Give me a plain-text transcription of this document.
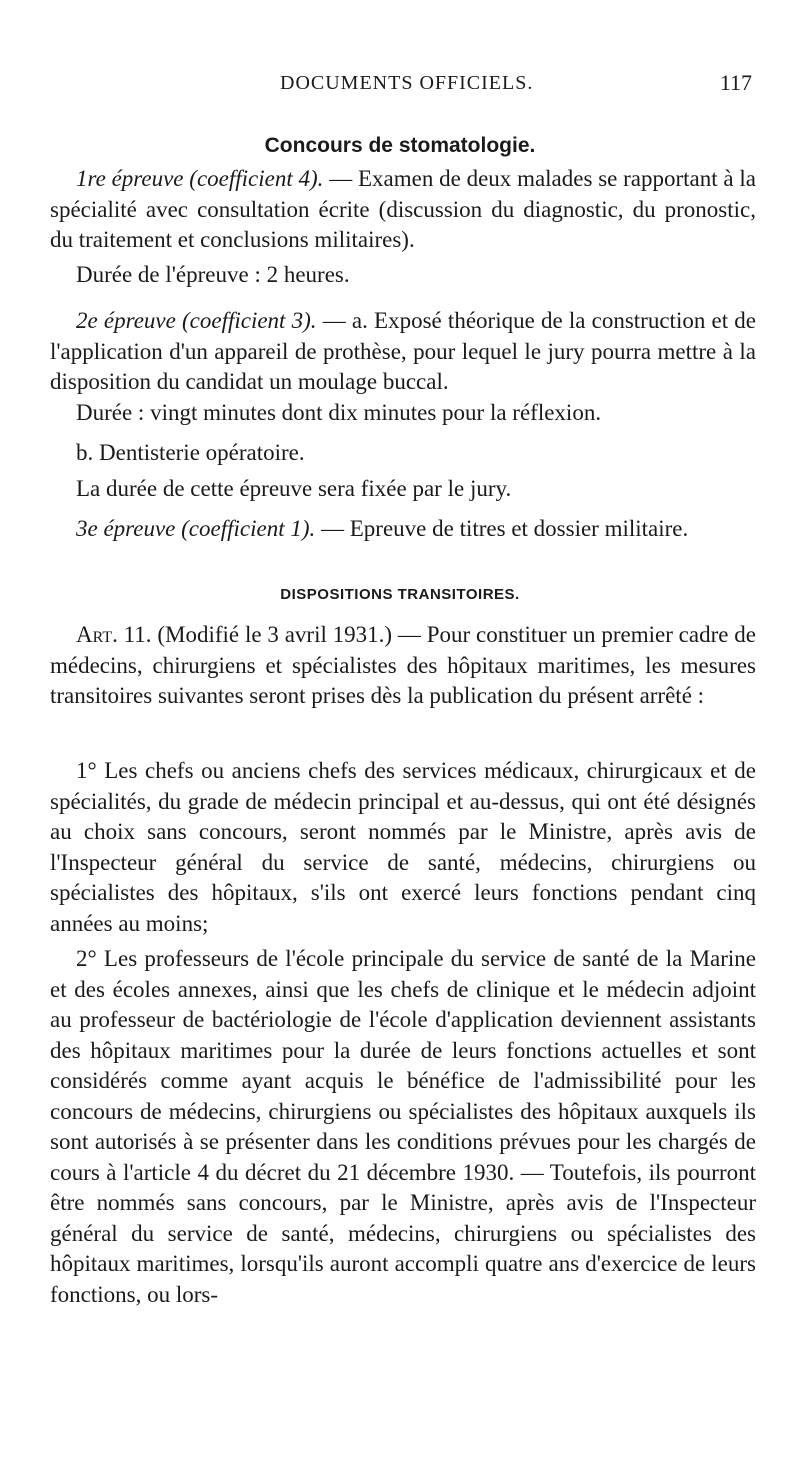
DOCUMENTS OFFICIELS.	117
Concours de stomatologie.

1re épreuve (coefficient 4). — Examen de deux malades se rapportant à la spécialité avec consultation écrite (discussion du diagnostic, du pronostic, du traitement et conclusions militaires).

Durée de l'épreuve : 2 heures.

2e épreuve (coefficient 3). — a. Exposé théorique de la construction et de l'application d'un appareil de prothèse, pour lequel le jury pourra mettre à la disposition du candidat un moulage buccal.

Durée : vingt minutes dont dix minutes pour la réflexion.

b. Dentisterie opératoire.

La durée de cette épreuve sera fixée par le jury.

3e épreuve (coefficient 1). — Epreuve de titres et dossier militaire.

DISPOSITIONS TRANSITOIRES.

Art. 11. (Modifié le 3 avril 1931.) — Pour constituer un premier cadre de médecins, chirurgiens et spécialistes des hôpitaux maritimes, les mesures transitoires suivantes seront prises dès la publication du présent arrêté :

1° Les chefs ou anciens chefs des services médicaux, chirurgicaux et de spécialités, du grade de médecin principal et au-dessus, qui ont été désignés au choix sans concours, seront nommés par le Ministre, après avis de l'Inspecteur général du service de santé, médecins, chirurgiens ou spécialistes des hôpitaux, s'ils ont exercé leurs fonctions pendant cinq années au moins;

2° Les professeurs de l'école principale du service de santé de la Marine et des écoles annexes, ainsi que les chefs de clinique et le médecin adjoint au professeur de bactériologie de l'école d'application deviennent assistants des hôpitaux maritimes pour la durée de leurs fonctions actuelles et sont considérés comme ayant acquis le bénéfice de l'admissibilité pour les concours de médecins, chirurgiens ou spécialistes des hôpitaux auxquels ils sont autorisés à se présenter dans les conditions prévues pour les chargés de cours à l'article 4 du décret du 21 décembre 1930. — Toutefois, ils pourront être nommés sans concours, par le Ministre, après avis de l'Inspecteur général du service de santé, médecins, chirurgiens ou spécialistes des hôpitaux maritimes, lorsqu'ils auront accompli quatre ans d'exercice de leurs fonctions, ou lors-
